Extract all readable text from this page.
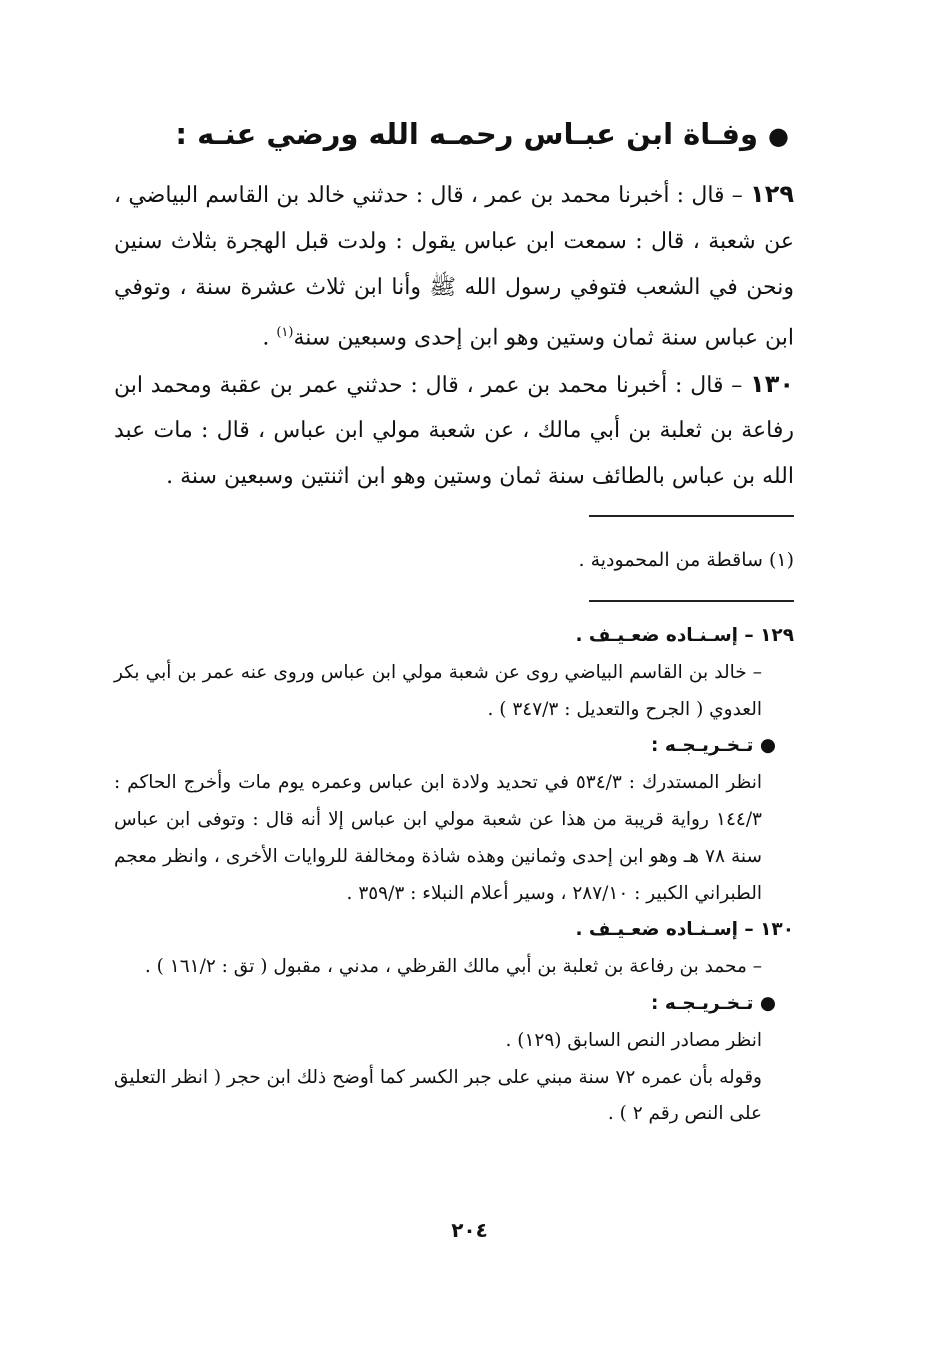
●وفـاة ابن عبـاس رحمـه الله ورضي عنـه :

١٢٩ – قال : أخبرنا محمد بن عمر ، قال : حدثني خالد بن القاسم البياضي ، عن شعبة ، قال : سمعت ابن عباس يقول : ولدت قبل الهجرة بثلاث سنين ونحن في الشعب فتوفي رسول الله ﷺ وأنا ابن ثلاث عشرة سنة ، وتوفي ابن عباس سنة ثمان وستين وهو ابن إحدى وسبعين سنة$^{(١)}$ .

١٣٠ – قال : أخبرنا محمد بن عمر ، قال : حدثني عمر بن عقبة ومحمد ابن رفاعة بن ثعلبة بن أبي مالك ، عن شعبة مولي ابن عباس ، قال : مات عبد الله بن عباس بالطائف سنة ثمان وستين وهو ابن اثنتين وسبعين سنة .

(١) ساقطة من المحمودية .
١٢٩ – إسـنـاده ضعـيـف .
– خالد بن القاسم البياضي روى عن شعبة مولي ابن عباس وروى عنه عمر بن أبي بكر العدوي ( الجرح والتعديل : ٣٤٧/٣ ) .
● تـخـريـجـه :
انظر المستدرك : ٥٣٤/٣ في تحديد ولادة ابن عباس وعمره يوم مات وأخرج الحاكم : ١٤٤/٣ رواية قريبة من هذا عن شعبة مولي ابن عباس إلا أنه قال : وتوفى ابن عباس سنة ٧٨ هـ وهو ابن إحدى وثمانين وهذه شاذة ومخالفة للروايات الأخرى ، وانظر معجم الطبراني الكبير : ٢٨٧/١٠ ، وسير أعلام النبلاء : ٣٥٩/٣ .
١٣٠ – إسـنـاده ضعـيـف .
– محمد بن رفاعة بن ثعلبة بن أبي مالك القرظي ، مدني ، مقبول ( تق : ١٦١/٢ ) .
● تـخـريـجـه :
انظر مصادر النص السابق (١٢٩) .
وقوله بأن عمره ٧٢ سنة مبني على جبر الكسر كما أوضح ذلك ابن حجر ( انظر التعليق على النص رقم ٢ ) .
٢٠٤
